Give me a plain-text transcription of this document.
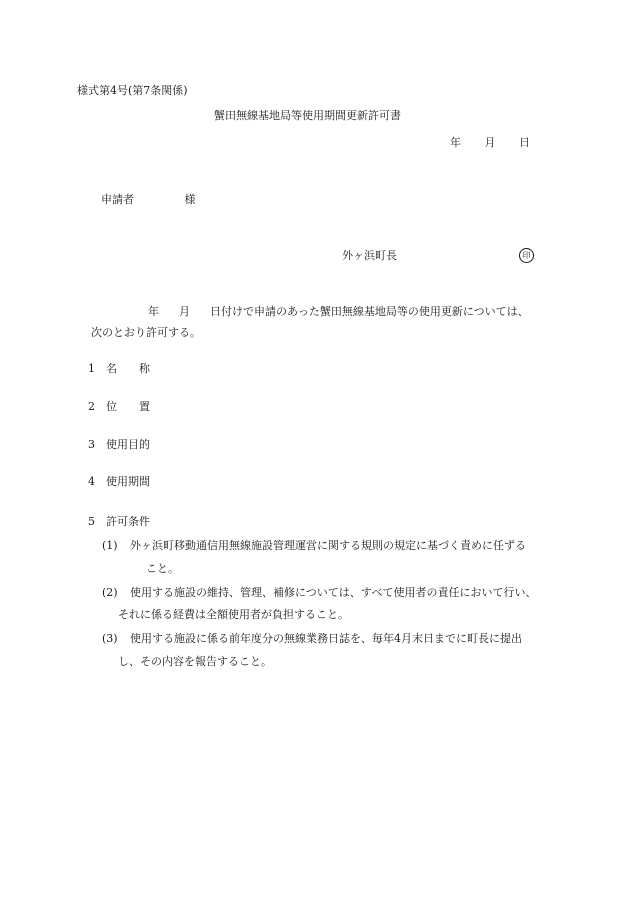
様式第4号(第7条関係)
蟹田無線基地局等使用期間更新許可書
年 月 日
申請者	様
外ヶ浜町長	印
年 月 日付けで申請のあった蟹田無線基地局等の使用更新については、
次のとおり許可する。
1 名　　称
2 位　　置
3 使用目的
4 使用期間
5 許可条件
(1) 外ヶ浜町移動通信用無線施設管理運営に関する規則の規定に基づく責めに任ずる
こと。
(2) 使用する施設の維持、管理、補修については、すべて使用者の責任において行い、
それに係る経費は全額使用者が負担すること。
(3) 使用する施設に係る前年度分の無線業務日誌を、毎年4月末日までに町長に提出
し、その内容を報告すること。
